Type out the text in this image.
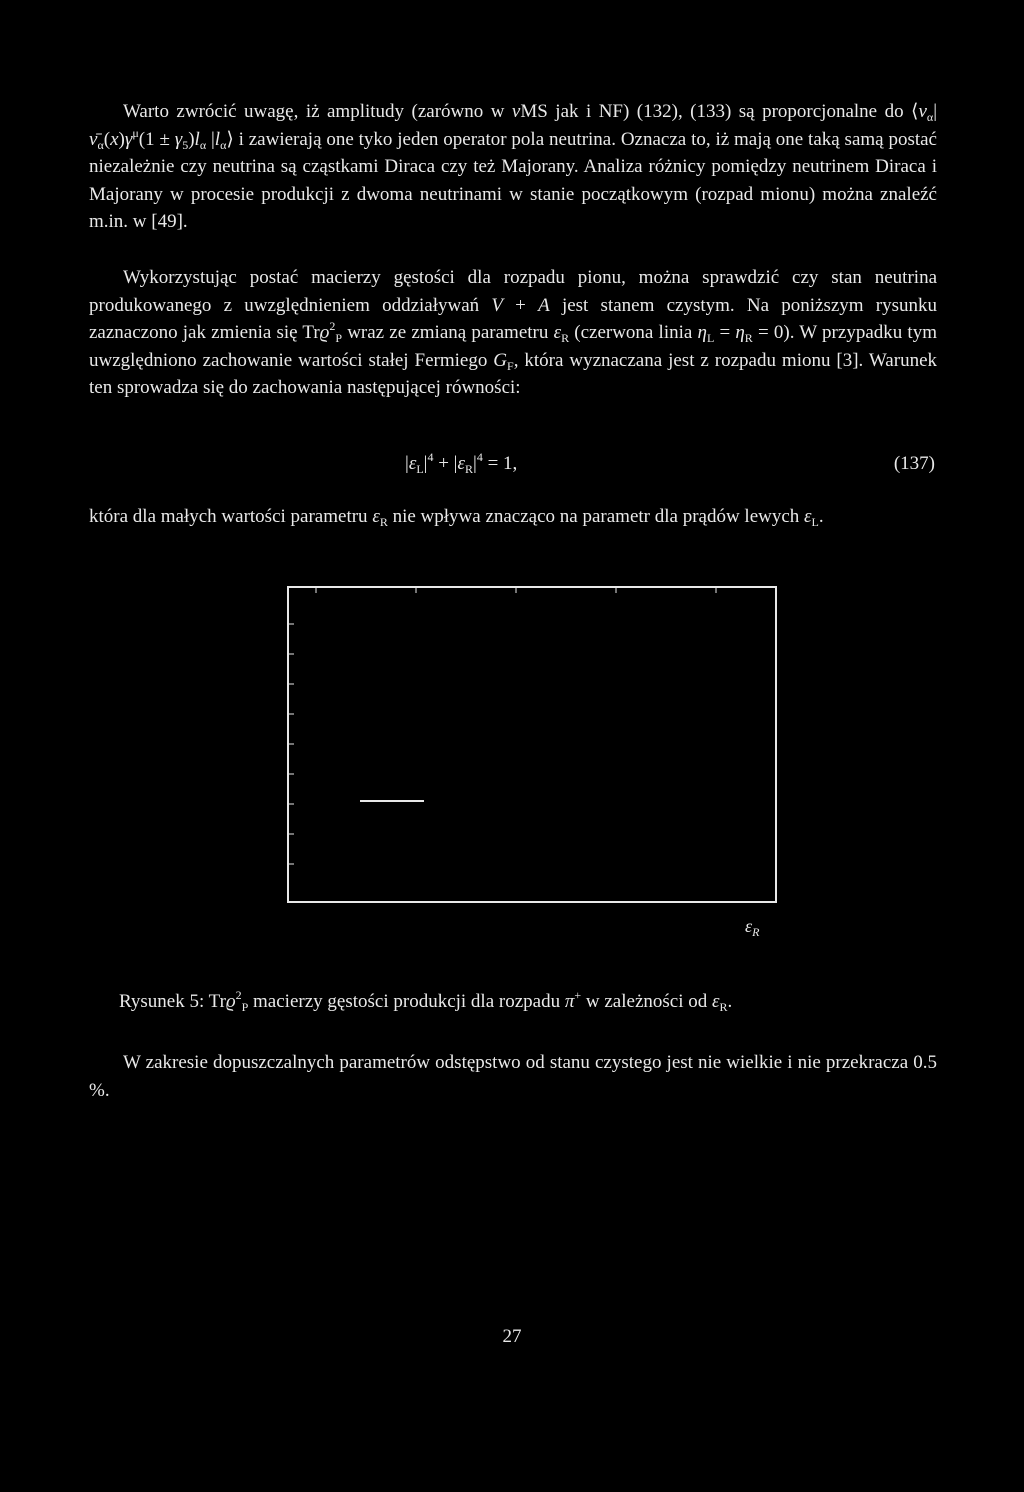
Warto zwrócić uwagę, iż amplitudy (zarówno w νMS jak i NF) (132), (133) są proporcjonalne do $⟨\nu_\alpha|$ $\nū_\alpha(x)\gamma^\mu(1 \pm \gamma_5)l_\alpha$ $|l_\alpha⟩$ i zawierają one tyko jeden operator pola neutrina. Oznacza to, iż mają one taką samą postać niezależnie czy neutrina są cząstkami Diraca czy też Majorany. Analiza różnicy pomiędzy neutrinem Diraca i Majorany w procesie produkcji z dwoma neutrinami w stanie początkowym (rozpad mionu) można znaleźć m.in. w [49].

Wykorzystując postać macierzy gęstości dla rozpadu pionu, można sprawdzić czy stan neutrina produkowanego z uwzględnieniem oddziaływań V + A jest stanem czystym. Na poniższym rysunku zaznaczono jak zmienia się Trϱ$^2_P$ wraz ze zmianą parametru $\varepsilon_R$ (czerwona linia $\eta_L = \eta_R = 0$). W przypadku tym uwzględniono zachowanie wartości stałej Fermiego $G_F$, która wyznaczana jest z rozpadu mionu [3]. Warunek ten sprowadza się do zachowania następującej równości:

$|\varepsilon_L|^4 + |\varepsilon_R|^4 = 1$,	(137)

która dla małych wartości parametru $\varepsilon_R$ nie wpływa znacząco na parametr dla prądów lewych $\varepsilon_L$.

$\varepsilon_R$
Rysunek 5: Trϱ$^2_P$ macierzy gęstości produkcji dla rozpadu π+ w zależności od $\varepsilon_R$.

W zakresie dopuszczalnych parametrów odstępstwo od stanu czystego jest nie wielkie i nie przekracza 0.5 %.

27
